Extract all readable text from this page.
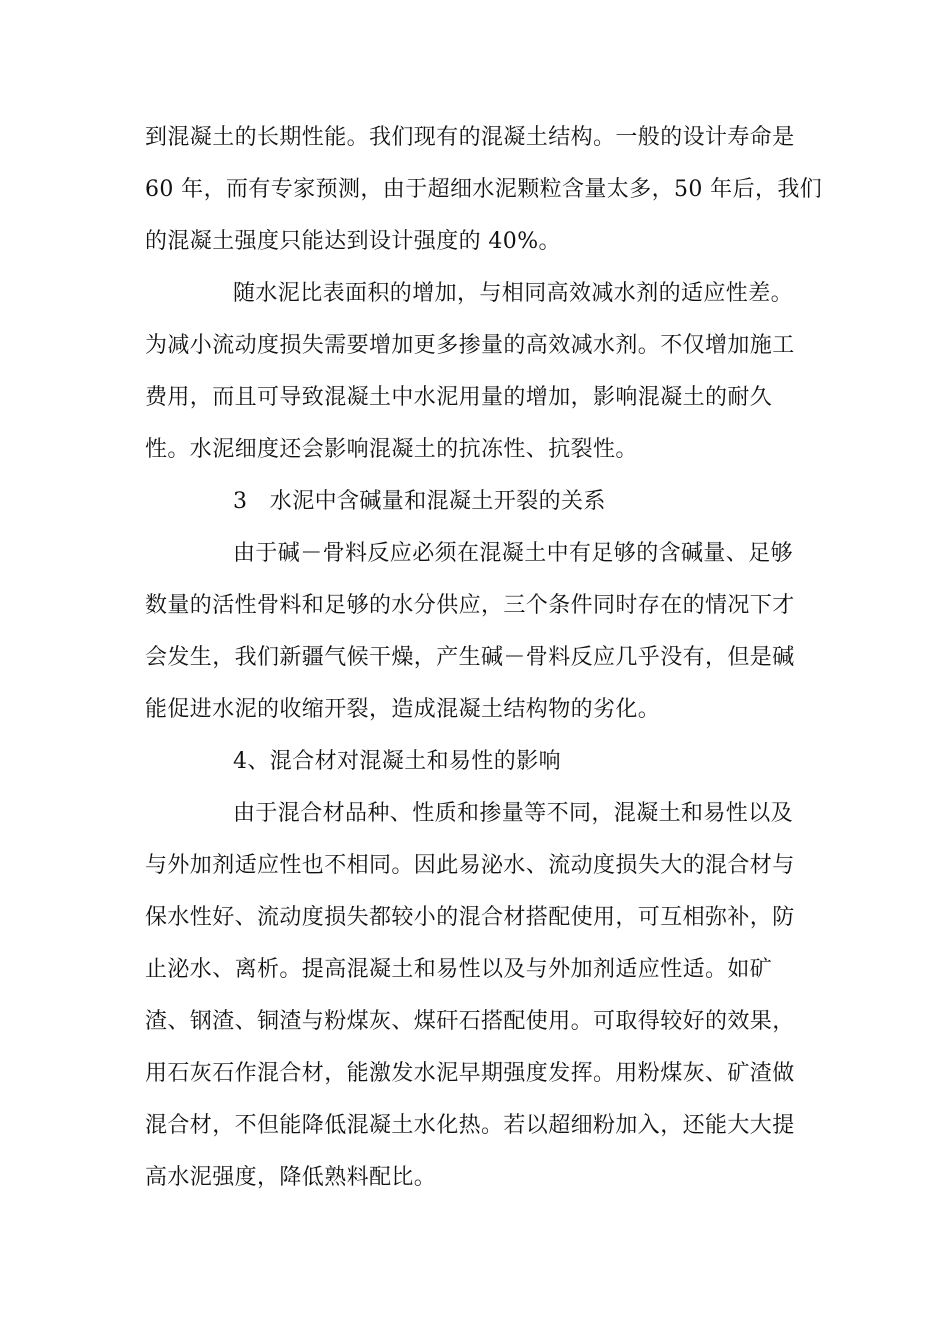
到混凝土的长期性能。我们现有的混凝土结构。一般的设计寿命是
60 年，而有专家预测，由于超细水泥颗粒含量太多，50 年后，我们
的混凝土强度只能达到设计强度的 40%。
随水泥比表面积的增加，与相同高效减水剂的适应性差。
为减小流动度损失需要增加更多掺量的高效减水剂。不仅增加施工
费用，而且可导致混凝土中水泥用量的增加，影响混凝土的耐久
性。水泥细度还会影响混凝土的抗冻性、抗裂性。
3　水泥中含碱量和混凝土开裂的关系
由于碱－骨料反应必须在混凝土中有足够的含碱量、足够
数量的活性骨料和足够的水分供应，三个条件同时存在的情况下才
会发生，我们新疆气候干燥，产生碱－骨料反应几乎没有，但是碱
能促进水泥的收缩开裂，造成混凝土结构物的劣化。
4、混合材对混凝土和易性的影响
由于混合材品种、性质和掺量等不同，混凝土和易性以及
与外加剂适应性也不相同。因此易泌水、流动度损失大的混合材与
保水性好、流动度损失都较小的混合材搭配使用，可互相弥补，防
止泌水、离析。提高混凝土和易性以及与外加剂适应性适。如矿
渣、钢渣、铜渣与粉煤灰、煤矸石搭配使用。可取得较好的效果，
用石灰石作混合材，能激发水泥早期强度发挥。用粉煤灰、矿渣做
混合材，不但能降低混凝土水化热。若以超细粉加入，还能大大提
高水泥强度，降低熟料配比。
